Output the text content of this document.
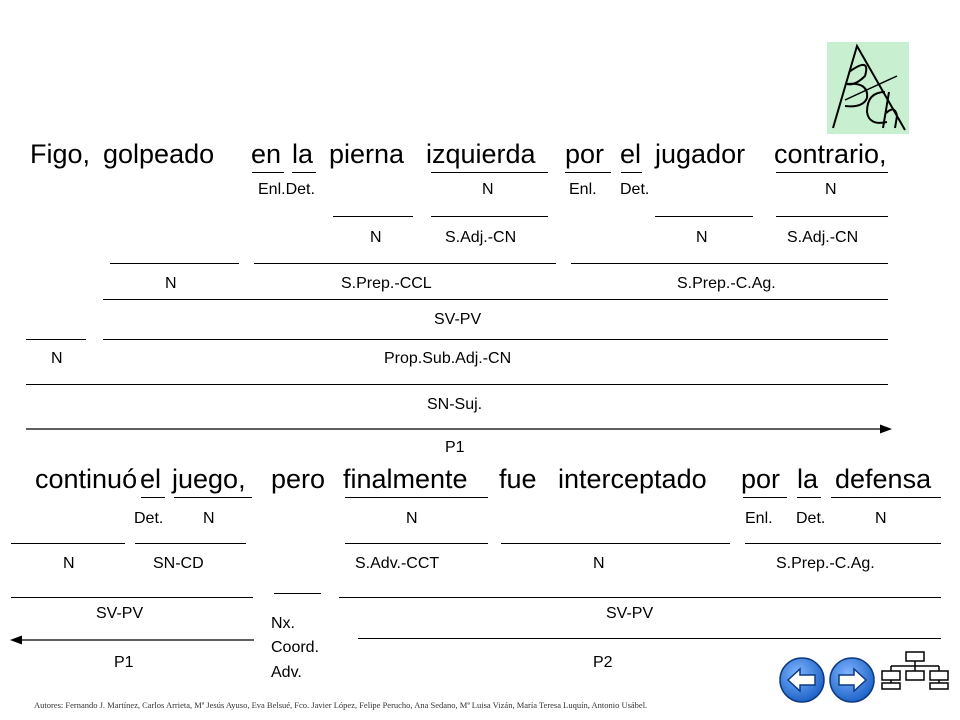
Figo, golpeado en la pierna izquierda por el jugador contrario,
Enl.Det.	N	Enl. Det.	N
N	S.Adj.-CN	N	S.Adj.-CN
N	S.Prep.-CCL	S.Prep.-C.Ag.
SV-PV
N	Prop.Sub.Adj.-CN
SN-Suj.
P1
continuó el juego, pero finalmente fue interceptado por la defensa
Det. N	N	Enl. Det.	N
N	SN-CD	S.Adv.-CCT	N	S.Prep.-C.Ag.
SV-PV
Nx.
Coord.
Adv.
SV-PV
P1	P2
Autores: Fernando J. Martínez, Carlos Arrieta, Mª Jesús Ayuso, Eva Belsué, Fco. Javier López, Felipe Perucho, Ana Sedano, Mª Luisa Vizán, María Teresa Luquín, Antonio Usábel.
